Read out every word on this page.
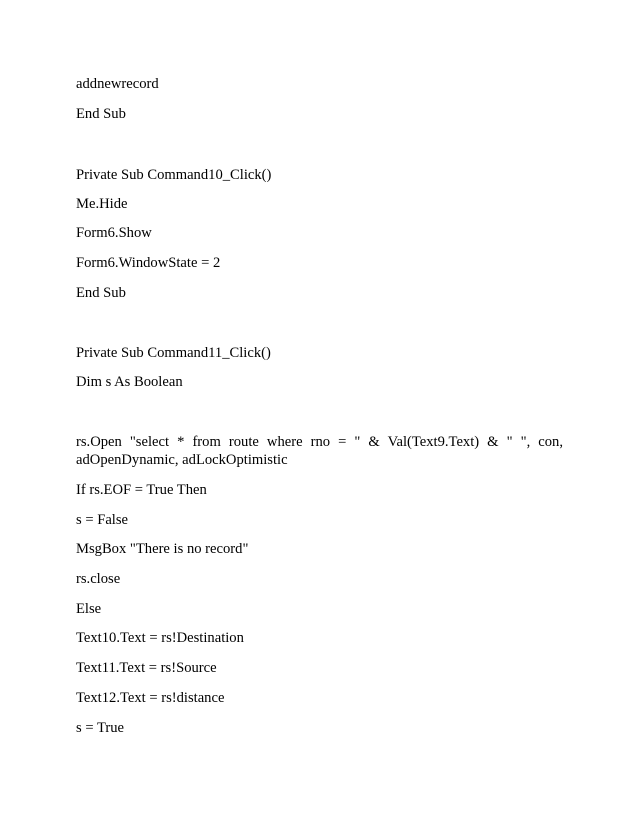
addnewrecord
End Sub
Private Sub Command10_Click()
Me.Hide
Form6.Show
Form6.WindowState = 2
End Sub
Private Sub Command11_Click()
Dim s As Boolean
rs.Open "select * from route where rno = " & Val(Text9.Text) & " ", con, adOpenDynamic, adLockOptimistic
If rs.EOF = True Then
s = False
MsgBox "There is no record"
rs.close
Else
Text10.Text = rs!Destination
Text11.Text = rs!Source
Text12.Text = rs!distance
s = True
